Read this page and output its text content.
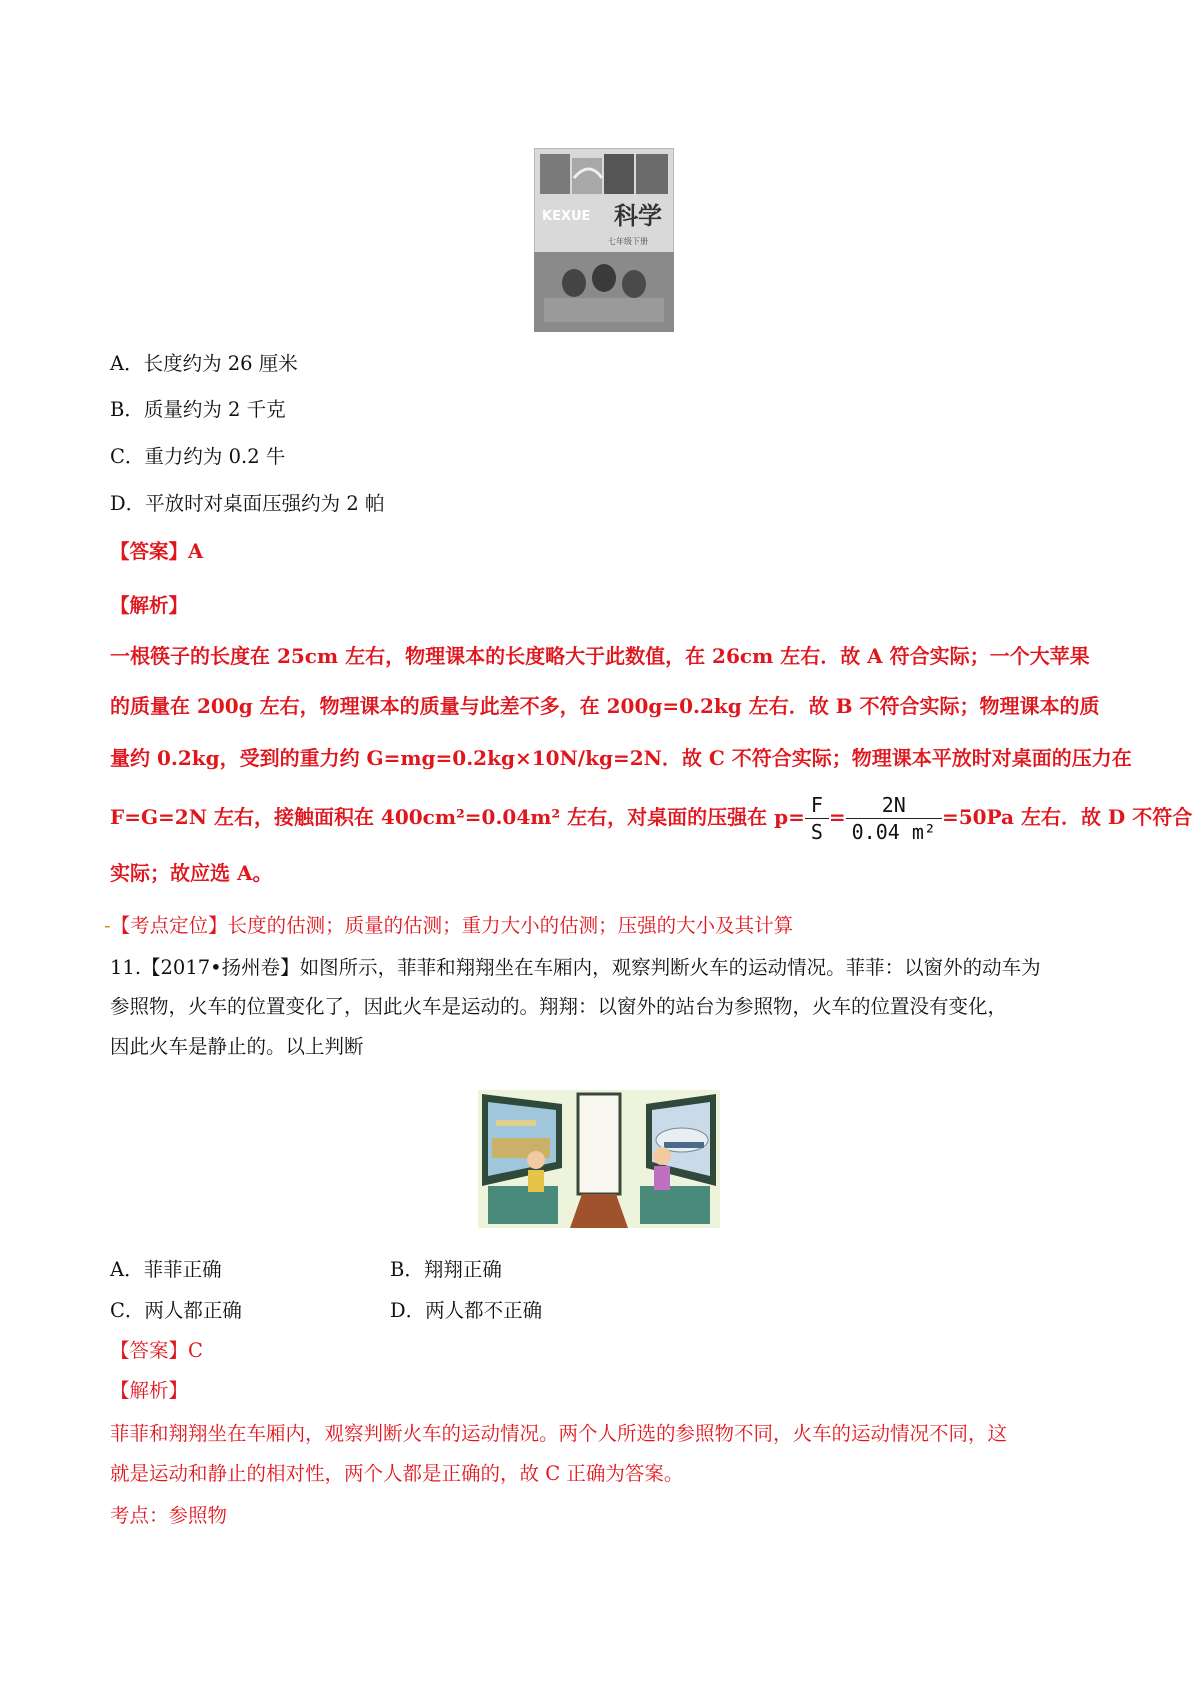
KEXUE 科学
七年级下册
A．长度约为 26 厘米
B．质量约为 2 千克
C．重力约为 0.2 牛
D．平放时对桌面压强约为 2 帕
【答案】A
【解析】
一根筷子的长度在 25cm 左右，物理课本的长度略大于此数值，在 26cm 左右．故 A 符合实际；一个大苹果
的质量在 200g 左右，物理课本的质量与此差不多，在 200g=0.2kg 左右．故 B 不符合实际；物理课本的质
量约 0.2kg，受到的重力约 G=mg=0.2kg×10N/kg=2N．故 C 不符合实际；物理课本平放时对桌面的压力在
F=G=2N 左右，接触面积在 400cm²=0.04m² 左右，对桌面的压强在 $p= \frac{F}{S} = \frac{2N}{\text{0.04 m²}} =50Pa$ 左右．故 D 不符合
实际；故应选 A。
-【考点定位】长度的估测；质量的估测；重力大小的估测；压强的大小及其计算
11.【2017•扬州卷】如图所示，菲菲和翔翔坐在车厢内，观察判断火车的运动情况。菲菲：以窗外的动车为
参照物，火车的位置变化了，因此火车是运动的。翔翔：以窗外的站台为参照物，火车的位置没有变化，
因此火车是静止的。以上判断
A．菲菲正确	B．翔翔正确
C．两人都正确	D．两人都不正确
【答案】C
【解析】
菲菲和翔翔坐在车厢内，观察判断火车的运动情况。两个人所选的参照物不同，火车的运动情况不同，这
就是运动和静止的相对性，两个人都是正确的，故 C 正确为答案。
考点：参照物
